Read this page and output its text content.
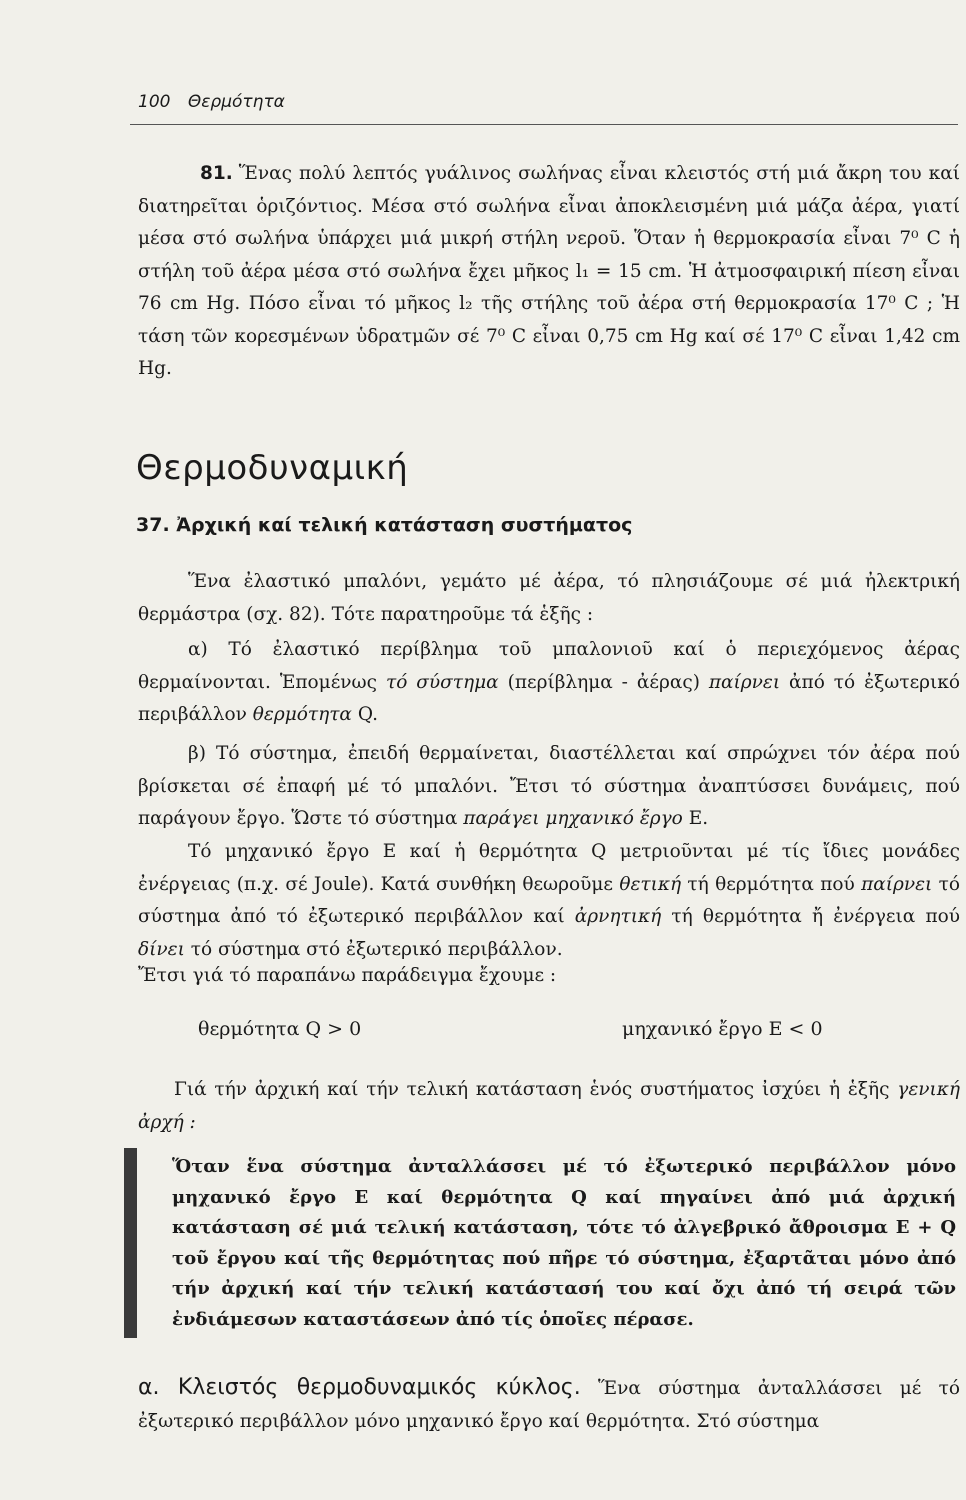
100 Θερμότητα
81. Ἕνας πολύ λεπτός γυάλινος σωλήνας εἶναι κλειστός στή μιά ἄκρη του καί διατηρεῖται ὁριζόντιος. Μέσα στό σωλήνα εἶναι ἀποκλεισμένη μιά μάζα ἀέρα, γιατί μέσα στό σωλήνα ὑπάρχει μιά μικρή στήλη νεροῦ. Ὅταν ἡ θερμοκρασία εἶναι 7⁰ C ἡ στήλη τοῦ ἀέρα μέσα στό σωλήνα ἔχει μῆκος l₁ = 15 cm. Ἡ ἀτμοσφαιρική πίεση εἶναι 76 cm Hg. Πόσο εἶναι τό μῆκος l₂ τῆς στήλης τοῦ ἀέρα στή θερμοκρασία 17⁰ C ; Ἡ τάση τῶν κορεσμένων ὑδρατμῶν σέ 7⁰ C εἶναι 0,75 cm Hg καί σέ 17⁰ C εἶναι 1,42 cm Hg.
Θερμοδυναμική
37. Ἀρχική καί τελική κατάσταση συστήματος
Ἕνα ἐλαστικό μπαλόνι, γεμάτο μέ ἀέρα, τό πλησιάζουμε σέ μιά ἠλεκτρική θερμάστρα (σχ. 82). Τότε παρατηροῦμε τά ἑξῆς :
α) Τό ἐλαστικό περίβλημα τοῦ μπαλονιοῦ καί ὁ περιεχόμενος ἀέρας θερμαίνονται. Ἑπομένως τό σύστημα (περίβλημα - ἀέρας) παίρνει ἀπό τό ἐξωτερικό περιβάλλον θερμότητα Q.
β) Τό σύστημα, ἐπειδή θερμαίνεται, διαστέλλεται καί σπρώχνει τόν ἀέρα πού βρίσκεται σέ ἐπαφή μέ τό μπαλόνι. Ἔτσι τό σύστημα ἀναπτύσσει δυνάμεις, πού παράγουν ἔργο. Ὥστε τό σύστημα παράγει μηχανικό ἔργο E.
Τό μηχανικό ἔργο E καί ἡ θερμότητα Q μετριοῦνται μέ τίς ἴδιες μονάδες ἐνέργειας (π.χ. σέ Joule). Κατά συνθήκη θεωροῦμε θετική τή θερμότητα πού παίρνει τό σύστημα ἀπό τό ἐξωτερικό περιβάλλον καί ἀρνητική τή θερμότητα ἤ ἐνέργεια πού δίνει τό σύστημα στό ἐξωτερικό περιβάλλον.
Ἔτσι γιά τό παραπάνω παράδειγμα ἔχουμε :
θερμότητα Q > 0	μηχανικό ἔργο E < 0
Γιά τήν ἀρχική καί τήν τελική κατάσταση ἑνός συστήματος ἰσχύει ἡ ἑξῆς γενική ἀρχή :
Ὅταν ἕνα σύστημα ἀνταλλάσσει μέ τό ἐξωτερικό περιβάλλον μόνο μηχανικό ἔργο E καί θερμότητα Q καί πηγαίνει ἀπό μιά ἀρχική κατάσταση σέ μιά τελική κατάσταση, τότε τό ἀλγεβρικό ἄθροισμα E + Q τοῦ ἔργου καί τῆς θερμότητας πού πῆρε τό σύστημα, ἐξαρτᾶται μόνο ἀπό τήν ἀρχική καί τήν τελική κατάστασή του καί ὄχι ἀπό τή σειρά τῶν ἐνδιάμεσων καταστάσεων ἀπό τίς ὁποῖες πέρασε.
α. Κλειστός θερμοδυναμικός κύκλος. Ἕνα σύστημα ἀνταλλάσσει μέ τό ἐξωτερικό περιβάλλον μόνο μηχανικό ἔργο καί θερμότητα. Στό σύστημα
